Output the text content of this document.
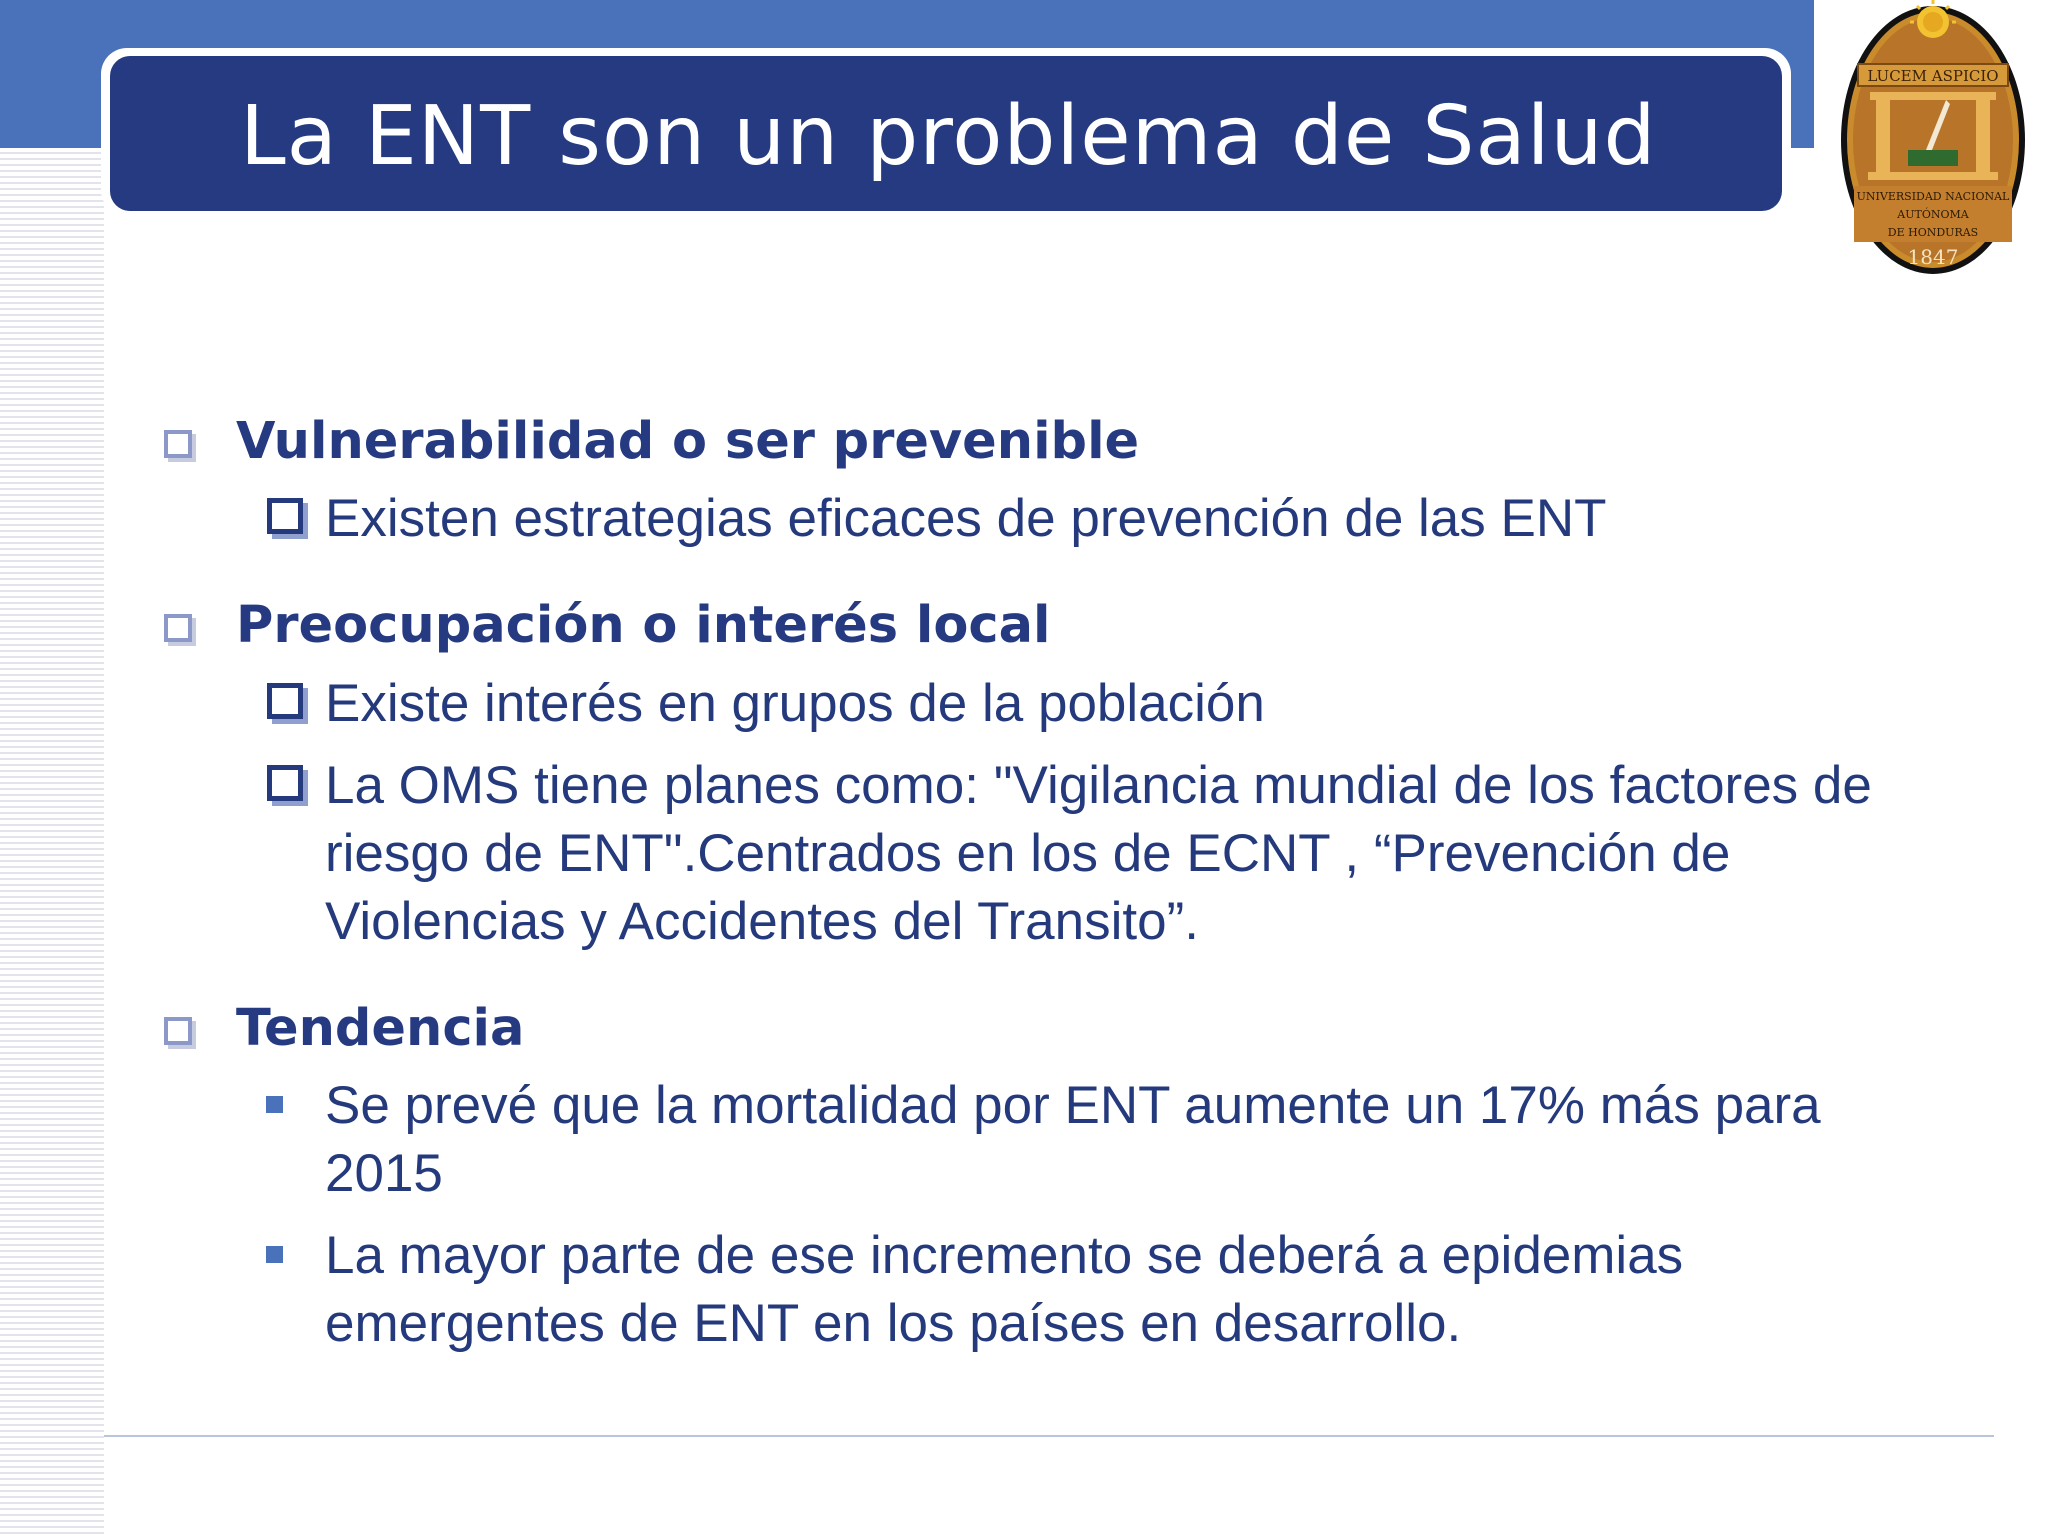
La ENT son un problema de Salud
LUCEM ASPICIO
UNIVERSIDAD NACIONAL
AUTÓNOMA
DE HONDURAS
1847
Vulnerabilidad o ser prevenible
Existen estrategias eficaces de prevención de las ENT
Preocupación o interés local
Existe interés en grupos de la población
La OMS tiene planes como: "Vigilancia mundial de los factores de riesgo de ENT".Centrados en los de ECNT , “Prevención de Violencias y Accidentes del Transito”.
Tendencia
Se prevé que la mortalidad por ENT aumente un 17% más para 2015
La mayor parte de ese incremento se deberá a epidemias emergentes de ENT en los países en desarrollo.
